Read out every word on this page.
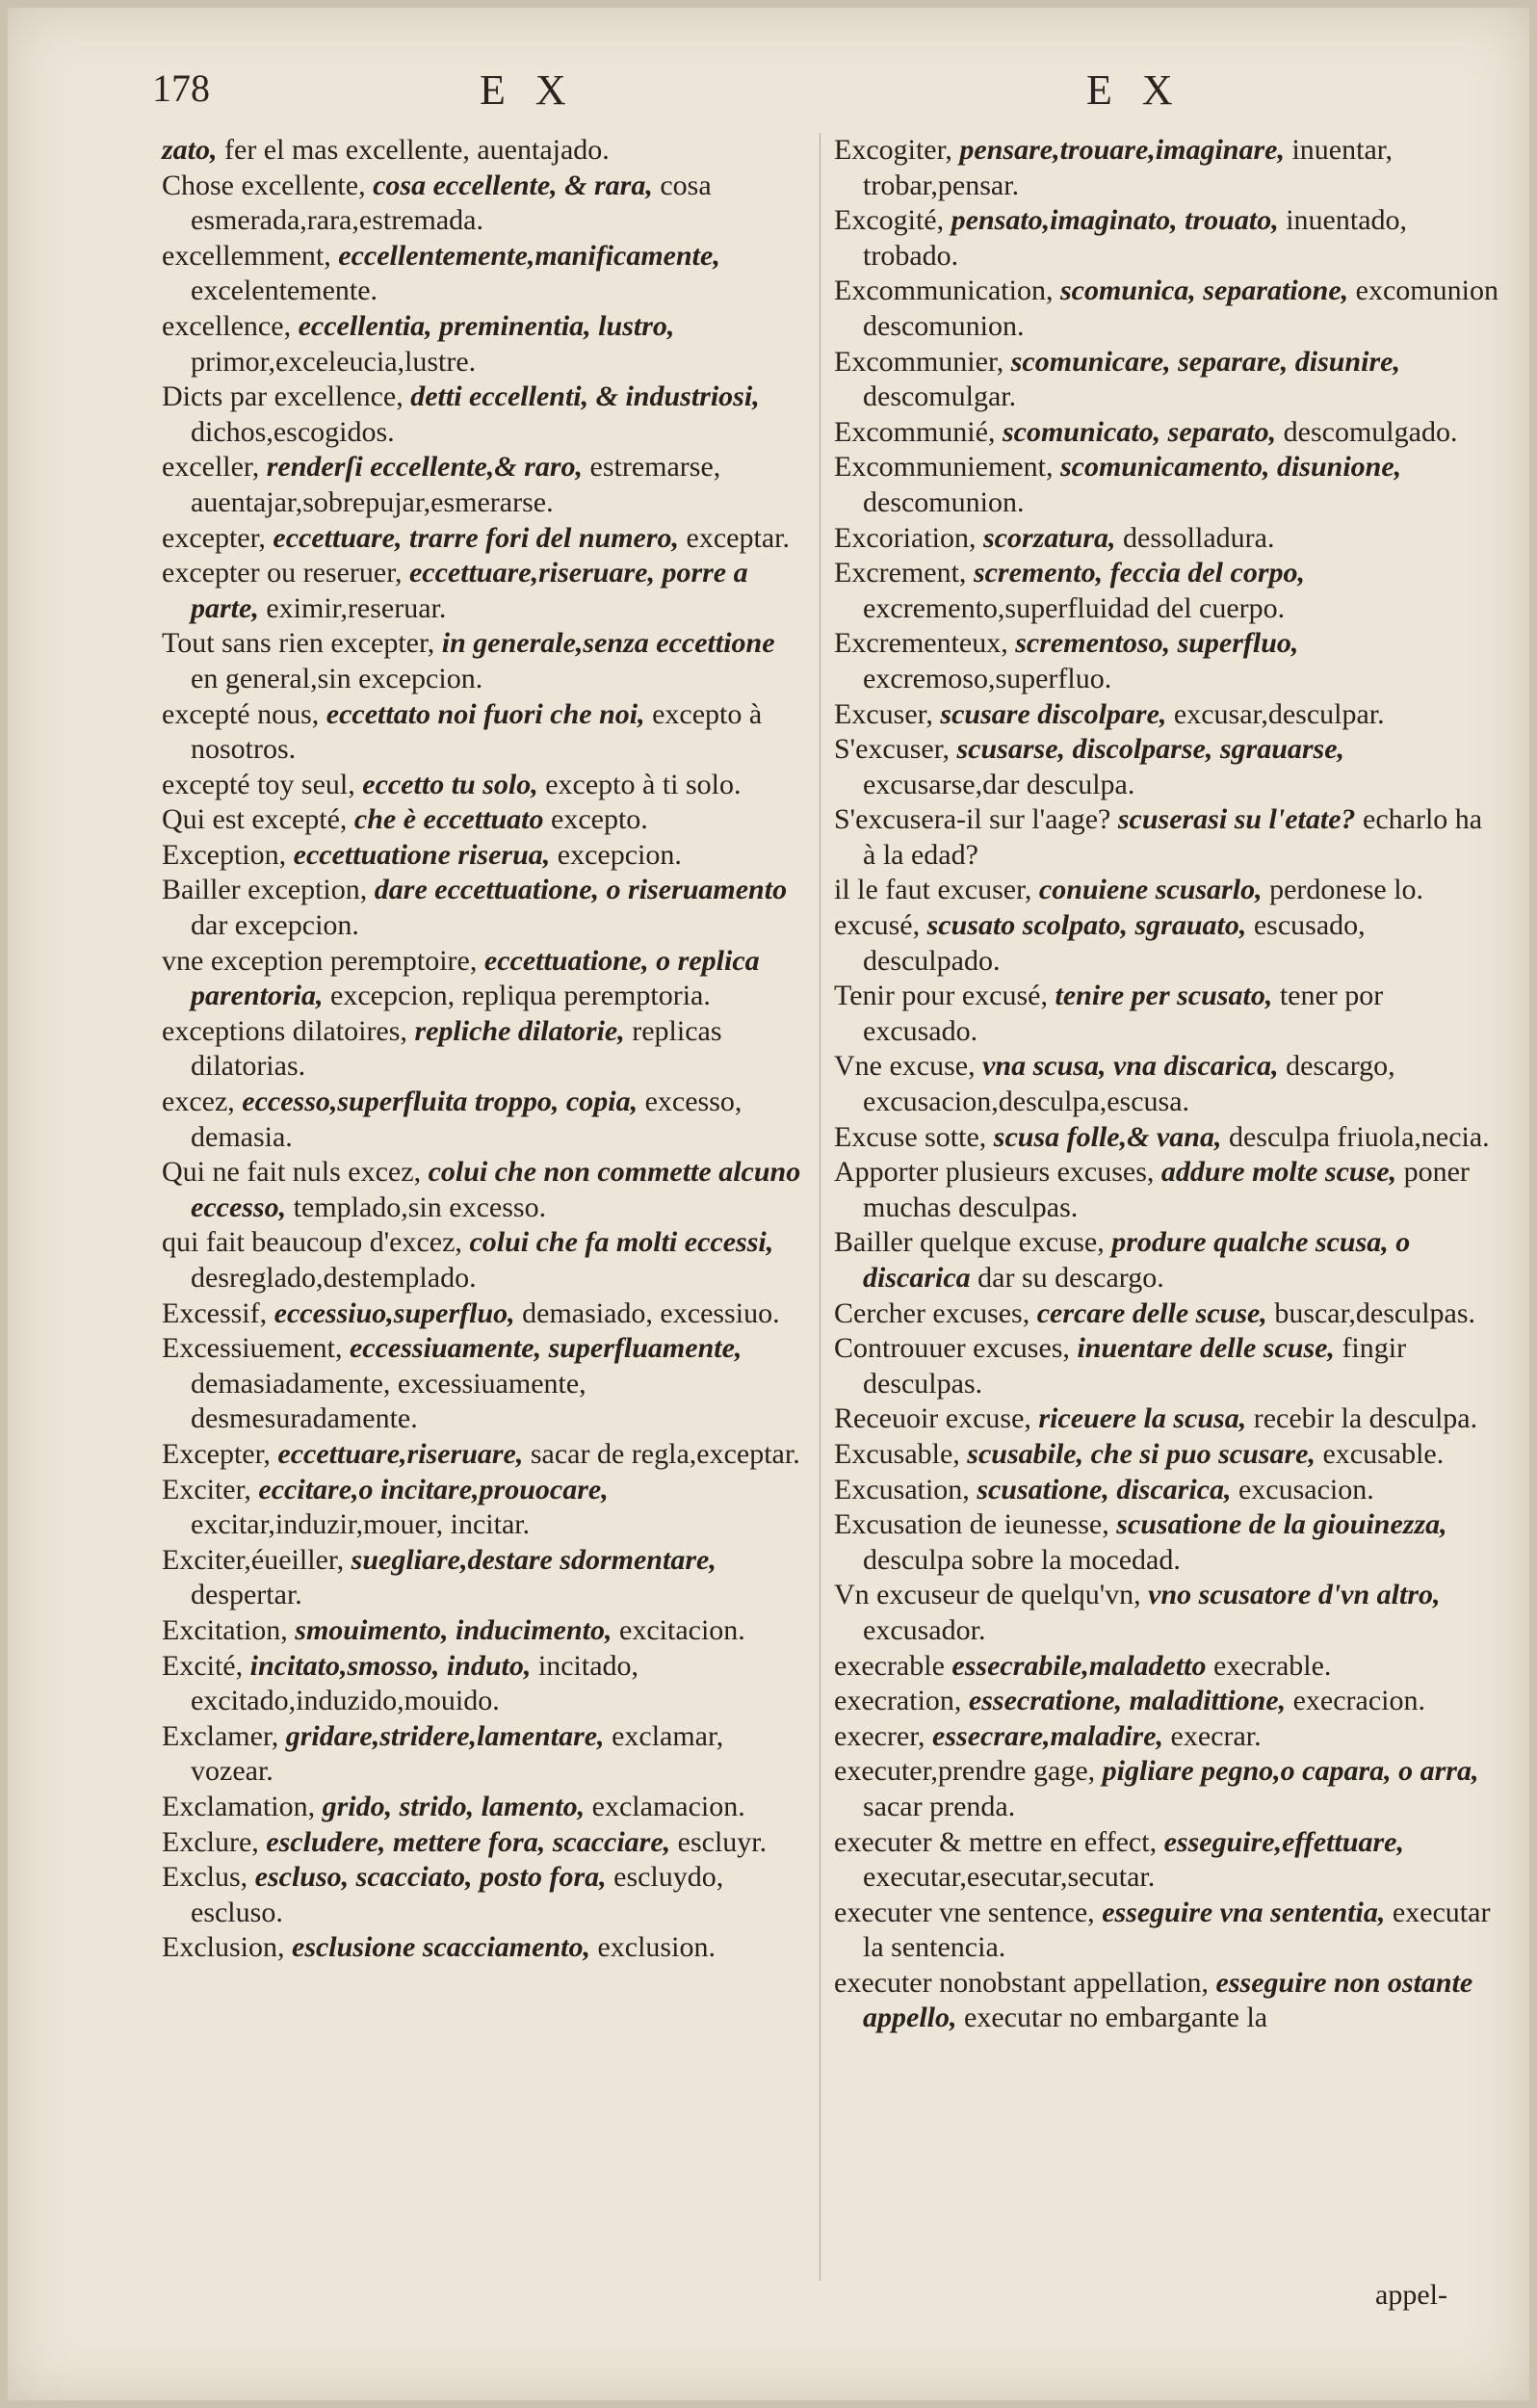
178	E X	E X

zato, fer el mas excellente, auentajado.

Chose excellente, cosa eccellente, & rara, cosa esmerada,rara,estremada.

excellemment, eccellentemente,manificamente, excelentemente.

excellence, eccellentia, preminentia, lustro, primor,exceleucia,lustre.

Dicts par excellence, detti eccellenti, & industriosi, dichos,escogidos.

exceller, renderſi eccellente,& raro, estremarse, auentajar,sobrepujar,esmerarse.

excepter, eccettuare, trarre fori del numero, exceptar.

excepter ou reseruer, eccettuare,riseruare, porre a parte, eximir,reseruar.

Tout sans rien excepter, in generale,senza eccettione en general,sin excepcion.

excepté nous, eccettato noi fuori che noi, excepto à nosotros.

excepté toy seul, eccetto tu solo, excepto à ti solo.

Qui est excepté, che è eccettuato excepto.

Exception, eccettuatione riserua, excepcion.

Bailler exception, dare eccettuatione, o riseruamento dar excepcion.

vne exception peremptoire, eccettuatione, o replica parentoria, excepcion, repliqua peremptoria.

exceptions dilatoires, repliche dilatorie, replicas dilatorias.

excez, eccesso,superfluita troppo, copia, excesso, demasia.

Qui ne fait nuls excez, colui che non commette alcuno eccesso, templado,sin excesso.

qui fait beaucoup d'excez, colui che fa molti eccessi, desreglado,destemplado.

Excessif, eccessiuo,superfluo, demasiado, excessiuo.

Excessiuement, eccessiuamente, superfluamente, demasiadamente, excessiuamente, desmesuradamente.

Excepter, eccettuare,riseruare, sacar de regla,exceptar.

Exciter, eccitare,o incitare,prouocare, excitar,induzir,mouer, incitar.

Exciter,éueiller, suegliare,destare sdormentare, despertar.

Excitation, smouimento, inducimento, excitacion.

Excité, incitato,smosso, induto, incitado, excitado,induzido,mouido.

Exclamer, gridare,stridere,lamentare, exclamar, vozear.

Exclamation, grido, strido, lamento, exclamacion.

Exclure, escludere, mettere fora, scacciare, escluyr.

Exclus, escluso, scacciato, posto fora, escluydo, escluso.

Exclusion, esclusione scacciamento, exclusion.

Excogiter, pensare,trouare,imaginare, inuentar, trobar,pensar.

Excogité, pensato,imaginato, trouato, inuentado, trobado.

Excommunication, scomunica, separatione, excomunion descomunion.

Excommunier, scomunicare, separare, disunire, descomulgar.

Excommunié, scomunicato, separato, descomulgado.

Excommuniement, scomunicamento, disunione, descomunion.

Excoriation, scorzatura, dessolladura.

Excrement, scremento, feccia del corpo, excremento,superfluidad del cuerpo.

Excrementeux, scrementoso, superfluo, excremoso,superfluo.

Excuser, scusare discolpare, excusar,desculpar.

S'excuser, scusarse, discolparse, sgrauarse, excusarse,dar desculpa.

S'excusera-il sur l'aage? scuserasi su l'etate? echarlo ha à la edad?

il le faut excuser, conuiene scusarlo, perdonese lo.

excusé, scusato scolpato, sgrauato, escusado, desculpado.

Tenir pour excusé, tenire per scusato, tener por excusado.

Vne excuse, vna scusa, vna discarica, descargo, excusacion,desculpa,escusa.

Excuse sotte, scusa folle,& vana, desculpa friuola,necia.

Apporter plusieurs excuses, addure molte scuse, poner muchas desculpas.

Bailler quelque excuse, produre qualche scusa, o discarica dar su descargo.

Cercher excuses, cercare delle scuse, buscar,desculpas.

Controuuer excuses, inuentare delle scuse, fingir desculpas.

Receuoir excuse, riceuere la scusa, recebir la desculpa.

Excusable, scusabile, che si puo scusare, excusable.

Excusation, scusatione, discarica, excusacion.

Excusation de ieunesse, scusatione de la giouinezza, desculpa sobre la mocedad.

Vn excuseur de quelqu'vn, vno scusatore d'vn altro, excusador.

execrable essecrabile,maladetto execrable.

execration, essecratione, maladittione, execracion.

execrer, essecrare,maladire, execrar.

executer,prendre gage, pigliare pegno,o capara, o arra, sacar prenda.

executer & mettre en effect, esseguire,effettuare, executar,esecutar,secutar.

executer vne sentence, esseguire vna sententia, executar la sentencia.

executer nonobstant appellation, esseguire non ostante appello, executar no embargante la

appel-
